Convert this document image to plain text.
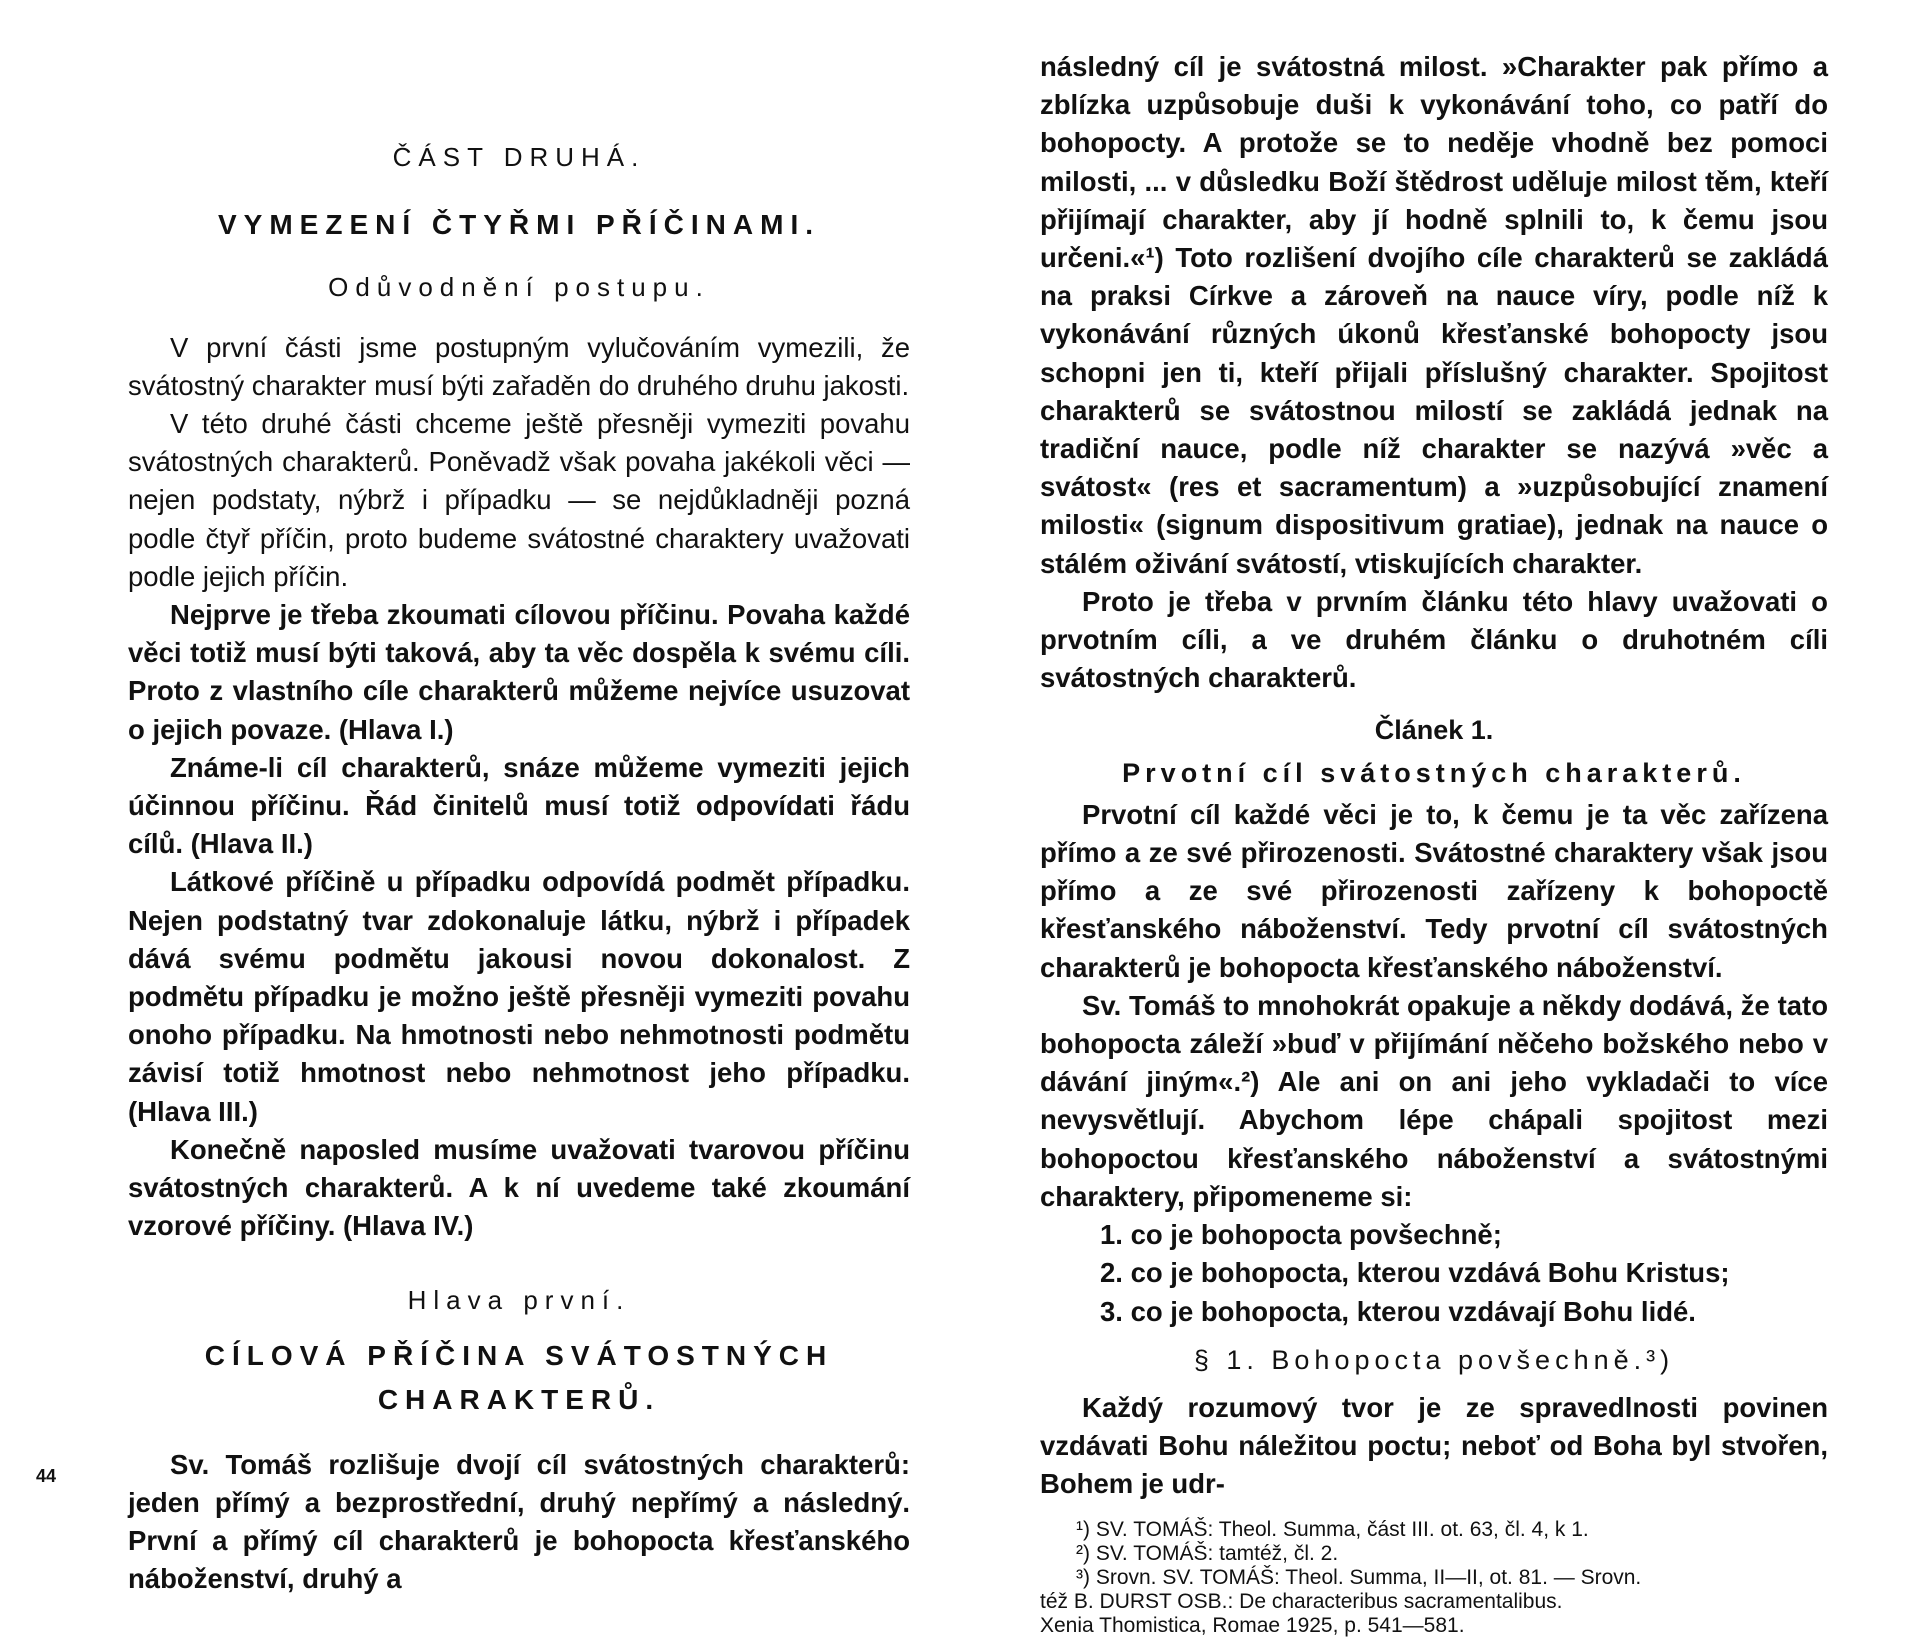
ČÁST DRUHÁ.

VYMEZENÍ ČTYŘMI PŘÍČINAMI.

Odůvodnění postupu.

V první části jsme postupným vylučováním vymezili, že svátostný charakter musí býti zařaděn do druhého druhu jakosti.

V této druhé části chceme ještě přesněji vymeziti povahu svátostných charakterů. Poněvadž však povaha jakékoli věci — nejen podstaty, nýbrž i případku — se nejdůkladněji pozná podle čtyř příčin, proto budeme svátostné charaktery uvažovati podle jejich příčin.

Nejprve je třeba zkoumati cílovou příčinu. Povaha každé věci totiž musí býti taková, aby ta věc dospěla k svému cíli. Proto z vlastního cíle charakterů můžeme nejvíce usuzovat o jejich povaze. (Hlava I.)

Známe-li cíl charakterů, snáze můžeme vymeziti jejich účinnou příčinu. Řád činitelů musí totiž odpovídati řádu cílů. (Hlava II.)

Látkové příčině u případku odpovídá podmět případku. Nejen podstatný tvar zdokonaluje látku, nýbrž i případek dává svému podmětu jakousi novou dokonalost. Z podmětu případku je možno ještě přesněji vymeziti povahu onoho případku. Na hmotnosti nebo nehmotnosti podmětu závisí totiž hmotnost nebo nehmotnost jeho případku. (Hlava III.)

Konečně naposled musíme uvažovati tvarovou příčinu svátostných charakterů. A k ní uvedeme také zkoumání vzorové příčiny. (Hlava IV.)

Hlava první.

CÍLOVÁ PŘÍČINA SVÁTOSTNÝCH CHARAKTERŮ.

Sv. Tomáš rozlišuje dvojí cíl svátostných charakterů: jeden přímý a bezprostřední, druhý nepřímý a následný. První a přímý cíl charakterů je bohopocta křesťanského náboženství, druhý a

44

následný cíl je svátostná milost. »Charakter pak přímo a zblízka uzpůsobuje duši k vykonávání toho, co patří do bohopocty. A protože se to neděje vhodně bez pomoci milosti, ... v důsledku Boží štědrost uděluje milost těm, kteří přijímají charakter, aby jí hodně splnili to, k čemu jsou určeni.«¹) Toto rozlišení dvojího cíle charakterů se zakládá na praksi Církve a zároveň na nauce víry, podle níž k vykonávání různých úkonů křesťanské bohopocty jsou schopni jen ti, kteří přijali příslušný charakter. Spojitost charakterů se svátostnou milostí se zakládá jednak na tradiční nauce, podle níž charakter se nazývá »věc a svátost« (res et sacramentum) a »uzpůsobující znamení milosti« (signum dispositivum gratiae), jednak na nauce o stálém oživání svátostí, vtiskujících charakter.

Proto je třeba v prvním článku této hlavy uvažovati o prvotním cíli, a ve druhém článku o druhotném cíli svátostných charakterů.

Článek 1.

Prvotní cíl svátostných charakterů.

Prvotní cíl každé věci je to, k čemu je ta věc zařízena přímo a ze své přirozenosti. Svátostné charaktery však jsou přímo a ze své přirozenosti zařízeny k bohopoctě křesťanského náboženství. Tedy prvotní cíl svátostných charakterů je bohopocta křesťanského náboženství.

Sv. Tomáš to mnohokrát opakuje a někdy dodává, že tato bohopocta záleží »buď v přijímání něčeho božského nebo v dávání jiným«.²) Ale ani on ani jeho vykladači to více nevysvětlují. Abychom lépe chápali spojitost mezi bohopoctou křesťanského náboženství a svátostnými charaktery, připomeneme si:

1. co je bohopocta povšechně;

2. co je bohopocta, kterou vzdává Bohu Kristus;

3. co je bohopocta, kterou vzdávají Bohu lidé.

§ 1. Bohopocta povšechně.³)

Každý rozumový tvor je ze spravedlnosti povinen vzdávati Bohu náležitou poctu; neboť od Boha byl stvořen, Bohem je udr-

¹) SV. TOMÁŠ: Theol. Summa, část III. ot. 63, čl. 4, k 1.

²) SV. TOMÁŠ: tamtéž, čl. 2.

³) Srovn. SV. TOMÁŠ: Theol. Summa, II—II, ot. 81. — Srovn.

též B. DURST OSB.: De characteribus sacramentalibus.

Xenia Thomistica, Romae 1925, p. 541—581.
